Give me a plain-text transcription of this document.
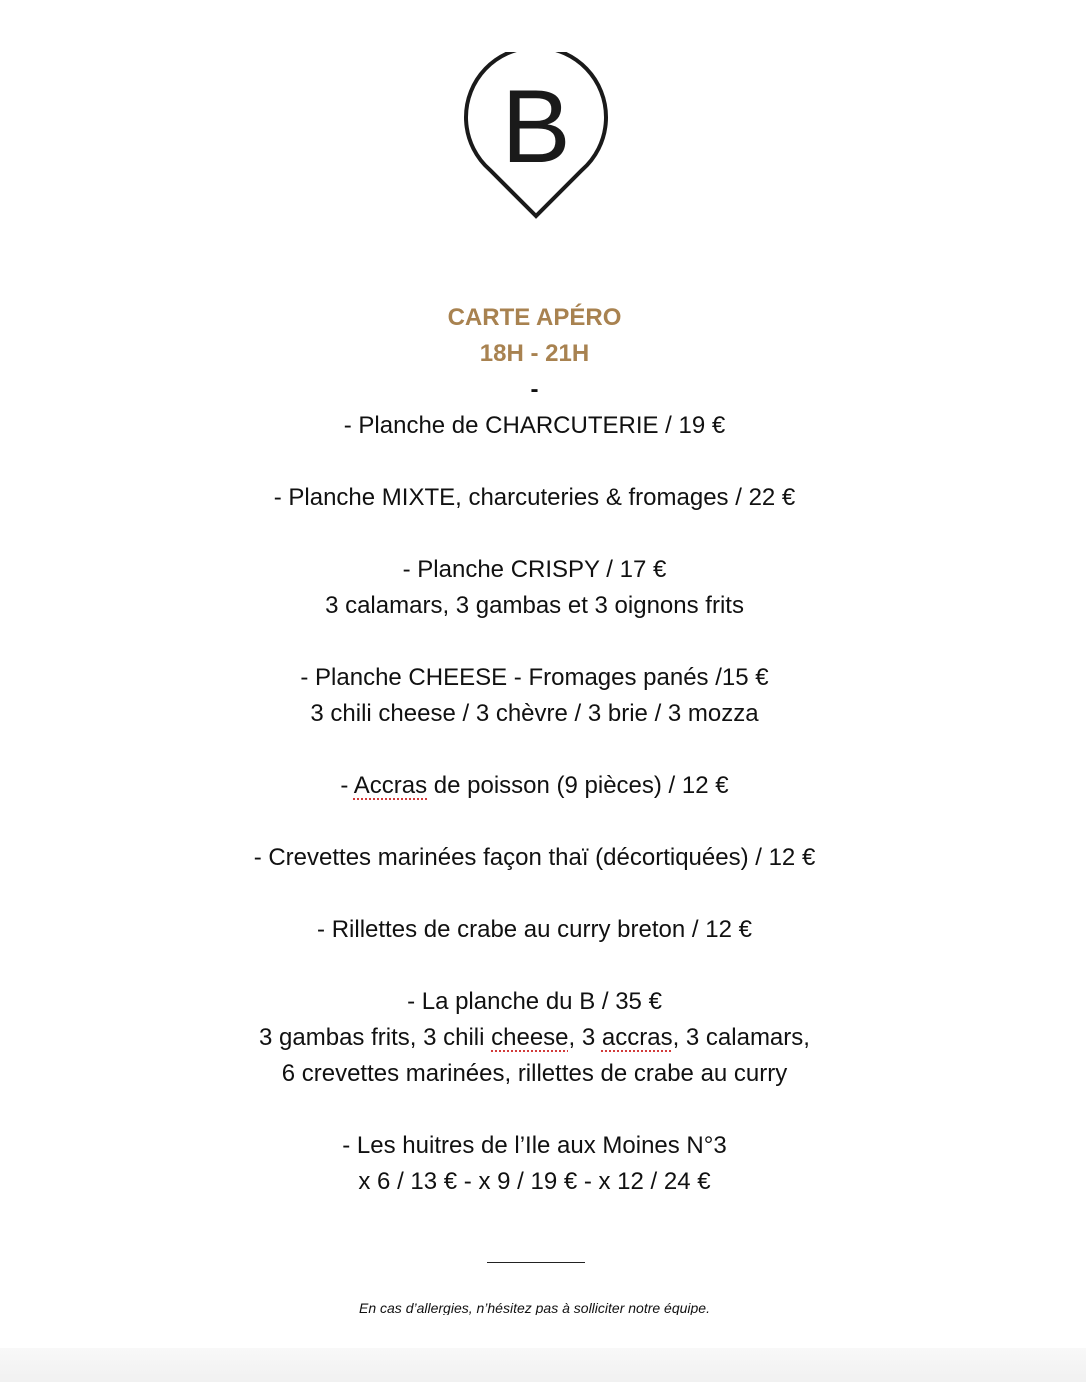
B
CARTE APÉRO
18H - 21H
-
- Planche de CHARCUTERIE / 19 €
- Planche MIXTE, charcuteries & fromages / 22 €
- Planche CRISPY / 17 €
3 calamars, 3 gambas et 3 oignons frits
- Planche CHEESE - Fromages panés /15 €
3 chili cheese / 3 chèvre / 3 brie / 3 mozza
- Accras de poisson (9 pièces) / 12 €
- Crevettes marinées façon thaï (décortiquées) / 12 €
- Rillettes de crabe au curry breton / 12 €
- La planche du B / 35 €
3 gambas frits, 3 chili cheese, 3 accras, 3 calamars,
6 crevettes marinées, rillettes de crabe au curry
- Les huitres de l’Ile aux Moines N°3
x 6 / 13 € - x 9 / 19 € - x 12 / 24 €
En cas d’allergies, n’hésitez pas à solliciter notre équipe.
